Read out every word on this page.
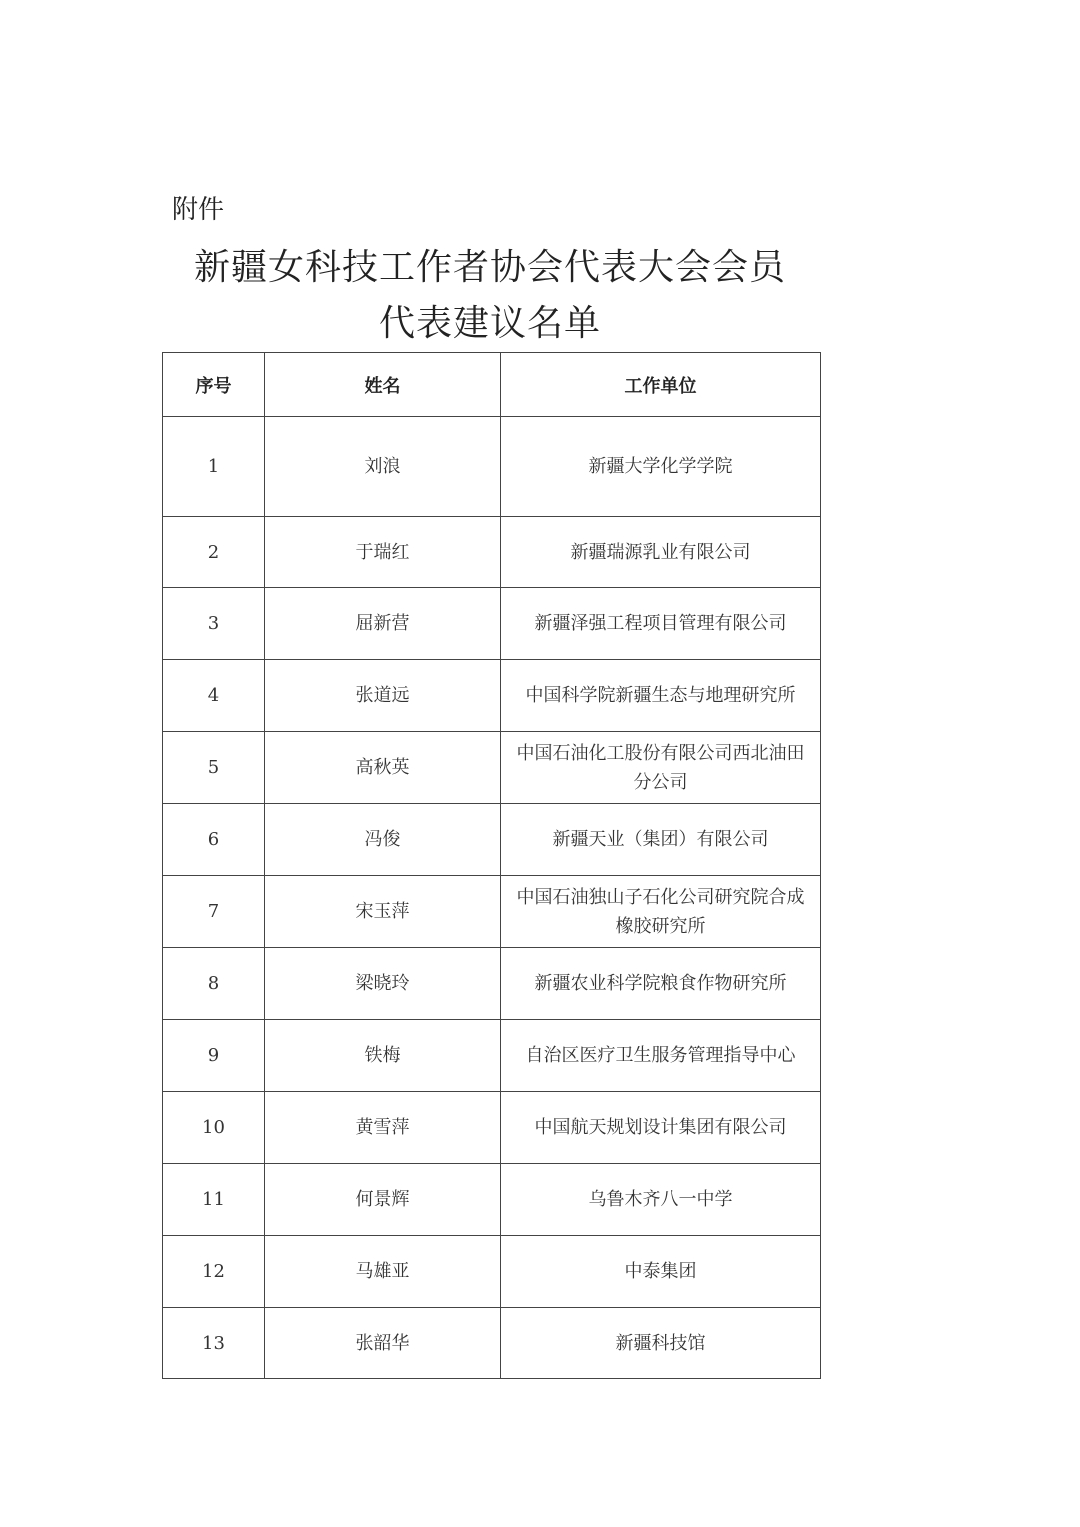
附件
新疆女科技工作者协会代表大会会员
代表建议名单
序号	姓名	工作单位
1	刘浪	新疆大学化学学院
2	于瑞红	新疆瑞源乳业有限公司
3	屈新营	新疆泽强工程项目管理有限公司
4	张道远	中国科学院新疆生态与地理研究所
5	高秋英	中国石油化工股份有限公司西北油田分公司
6	冯俊	新疆天业（集团）有限公司
7	宋玉萍	中国石油独山子石化公司研究院合成橡胶研究所
8	梁晓玲	新疆农业科学院粮食作物研究所
9	铁梅	自治区医疗卫生服务管理指导中心
10	黄雪萍	中国航天规划设计集团有限公司
11	何景辉	乌鲁木齐八一中学
12	马雄亚	中泰集团
13	张韶华	新疆科技馆
